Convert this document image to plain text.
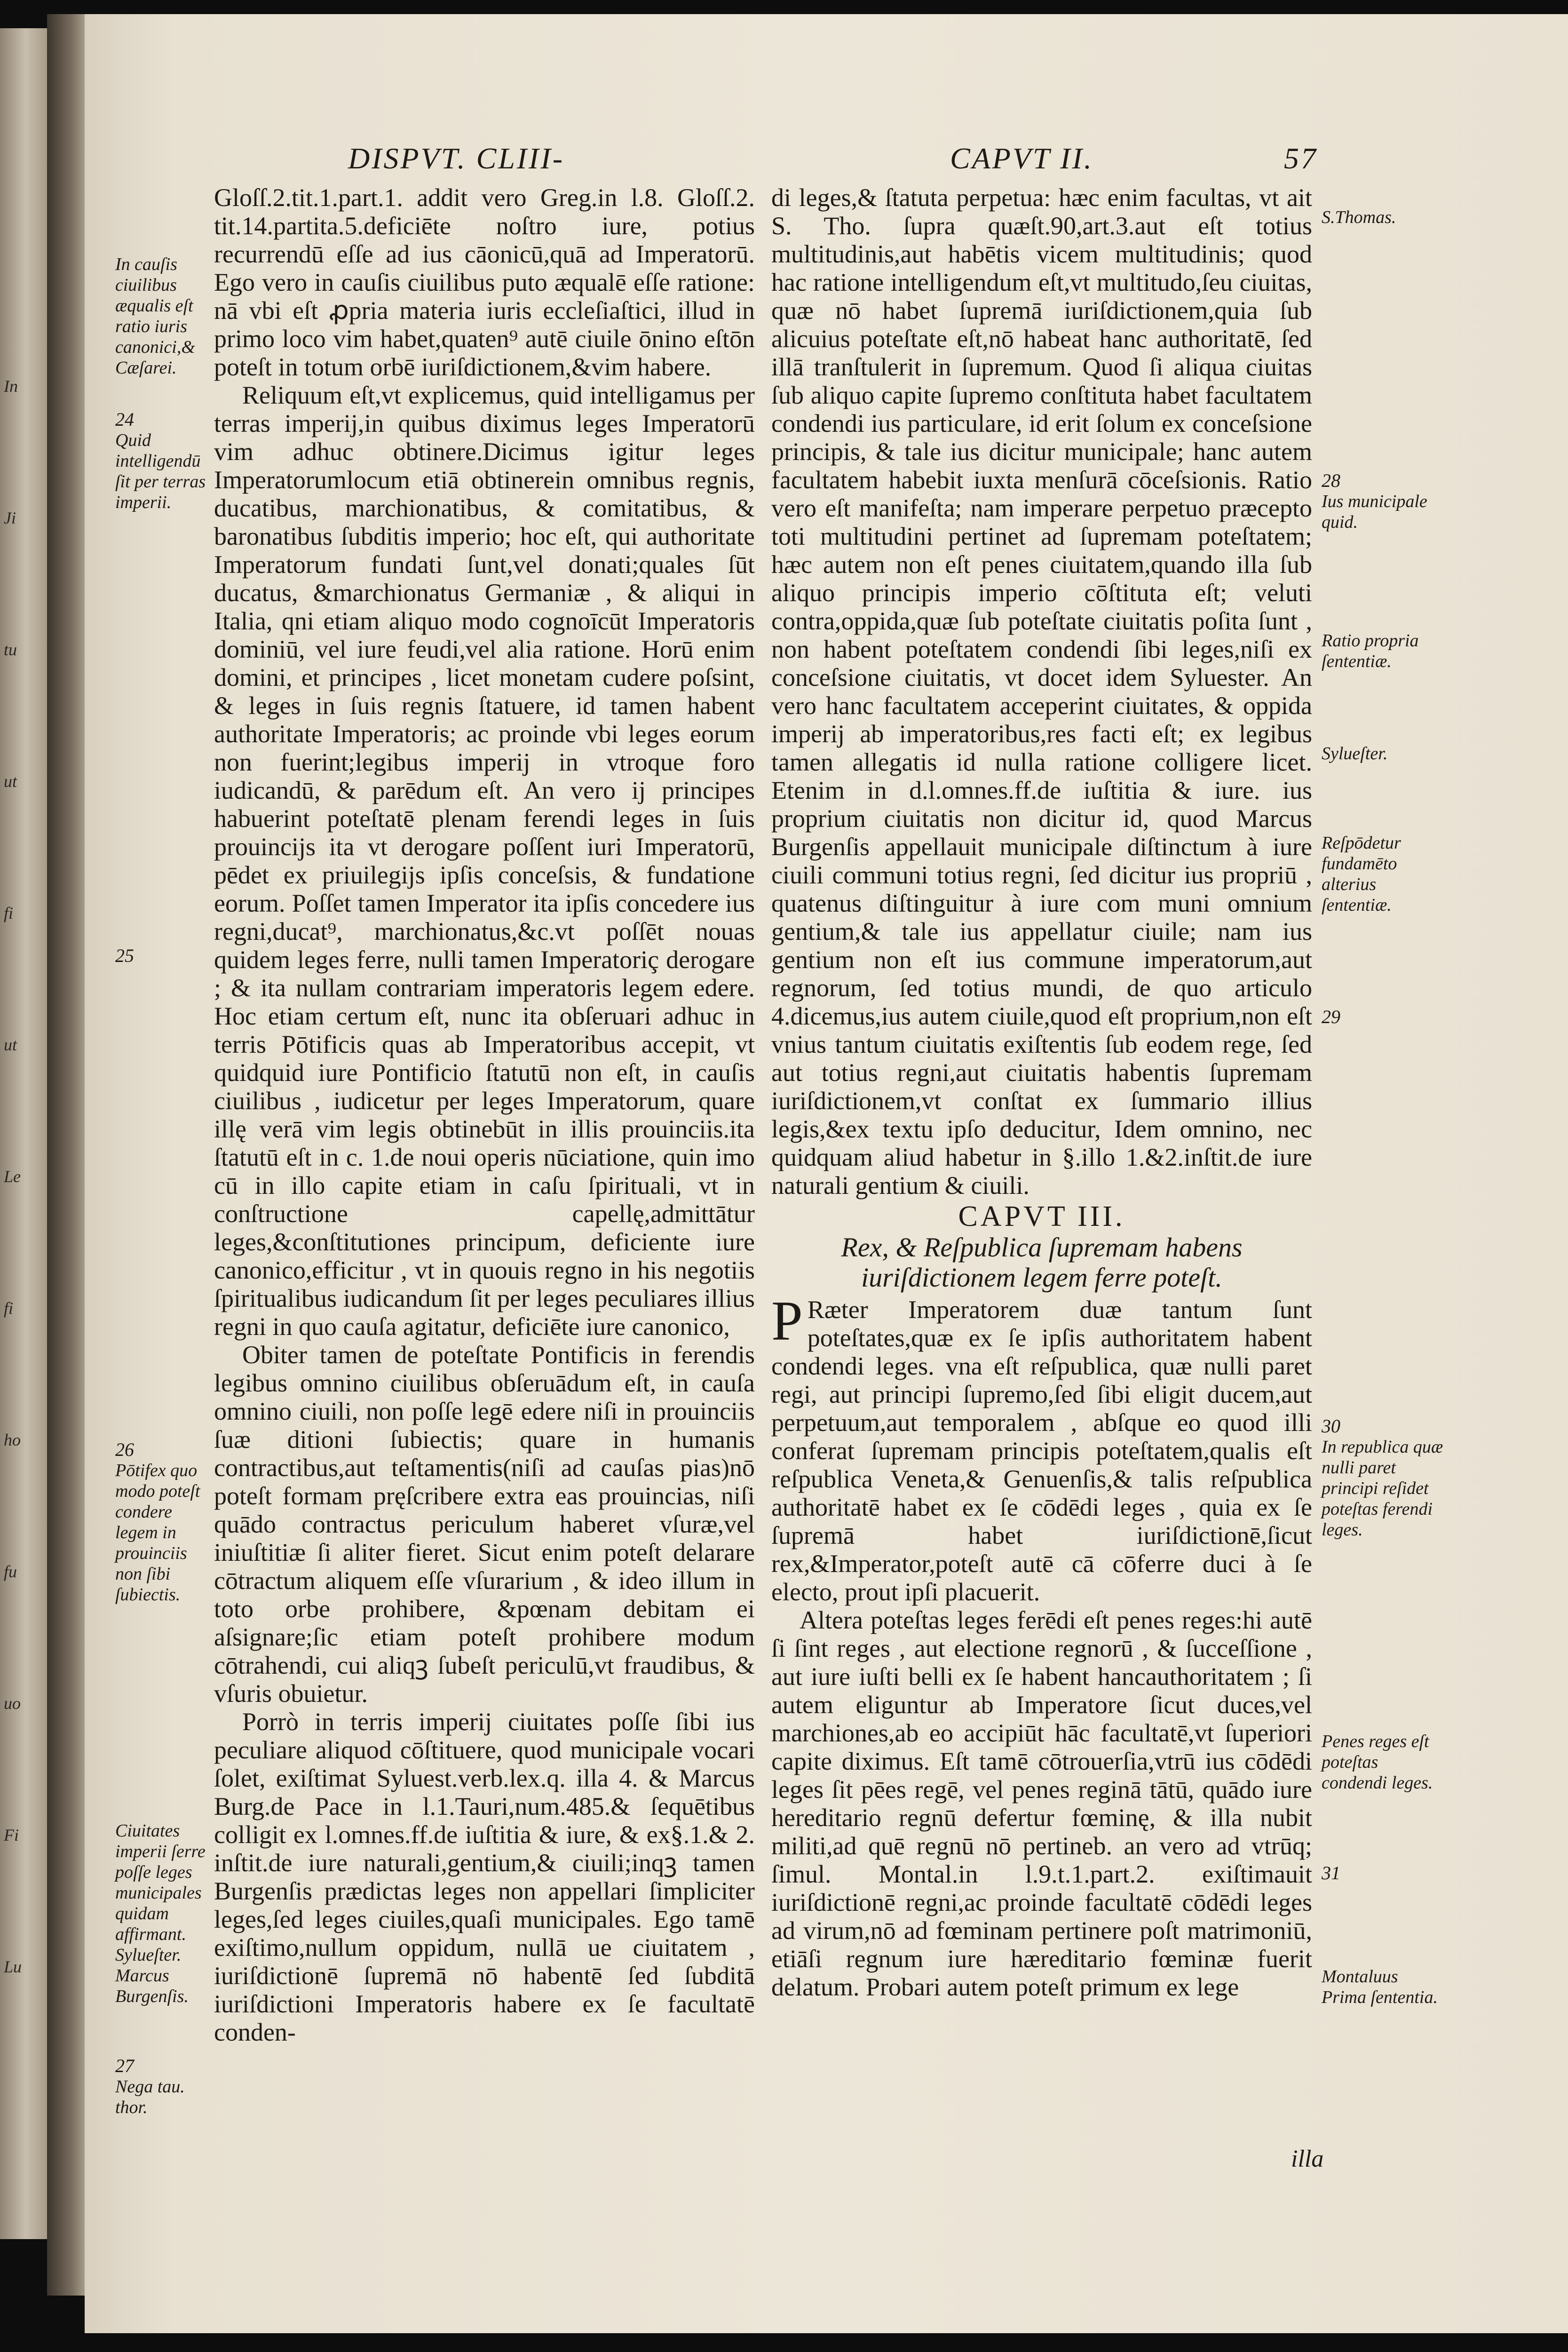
In
Ji
tu
ut
fi
ut
Le
fi
ho
fu
uo
Fi
Lu
DISPVT. CLIII-	CAPVT II.	57

Gloſſ.2.tit.1.part.1. addit vero Greg.in l.8. Gloſſ.2. tit.14.partita.5.deficiēte noſtro iure, potius recurrendū eſſe ad ius cāonicū,quā ad Imperatorū. Ego vero in cauſis ciuilibus puto æqualē eſſe ratione: nā vbi eſt ꝓpria materia iuris eccleſiaſtici, illud in primo loco vim habet,quaten⁹ autē ciuile ōnino eſtōn poteſt in totum orbē iuriſdictionem,&vim habere.

Reliquum eſt,vt explicemus, quid intelligamus per terras imperij,in quibus diximus leges Imperatorū vim adhuc obtinere.Dicimus igitur leges Imperatorumlocum etiā obtinerein omnibus regnis, ducatibus, marchionatibus, & comitatibus, & baronatibus ſubditis imperio; hoc eſt, qui authoritate Imperatorum fundati ſunt,vel donati;quales ſūt ducatus, &marchionatus Germaniæ , & aliqui in Italia, qni etiam aliquo modo cognoīcūt Imperatoris dominiū, vel iure feudi,vel alia ratione. Horū enim domini, et principes , licet monetam cudere poſsint, & leges in ſuis regnis ſtatuere, id tamen habent authoritate Imperatoris; ac proinde vbi leges eorum non fuerint;legibus imperij in vtroque foro iudicandū, & parēdum eſt. An vero ij principes habuerint poteſtatē plenam ferendi leges in ſuis prouincijs ita vt derogare poſſent iuri Imperatorū, pēdet ex priuilegijs ipſis conceſsis, & fundatione eorum. Poſſet tamen Imperator ita ipſis concedere ius regni,ducat⁹, marchionatus,&c.vt poſſēt nouas quidem leges ferre, nulli tamen Imperatoriç derogare ; & ita nullam contrariam imperatoris legem edere. Hoc etiam certum eſt, nunc ita obſeruari adhuc in terris Pōtificis quas ab Imperatoribus accepit, vt quidquid iure Pontificio ſtatutū non eſt, in cauſis ciuilibus , iudicetur per leges Imperatorum, quare illę verā vim legis obtinebūt in illis prouinciis.ita ſtatutū eſt in c. 1.de noui operis nūciatione, quin imo cū in illo capite etiam in caſu ſpirituali, vt in conſtructione capellę,admittātur leges,&conſtitutiones principum, deficiente iure canonico,efficitur , vt in quouis regno in his negotiis ſpiritualibus iudicandum ſit per leges peculiares illius regni in quo cauſa agitatur, deficiēte iure canonico,

Obiter tamen de poteſtate Pontificis in ferendis legibus omnino ciuilibus obſeruādum eſt, in cauſa omnino ciuili, non poſſe legē edere niſi in prouinciis ſuæ ditioni ſubiectis; quare in humanis contractibus,aut teſtamentis(niſi ad cauſas pias)nō poteſt formam pręſcribere extra eas prouincias, niſi quādo contractus periculum haberet vſuræ,vel iniuſtitiæ ſi aliter fieret. Sicut enim poteſt delarare cōtractum aliquem eſſe vſurarium , & ideo illum in toto orbe prohibere, &pœnam debitam ei aſsignare;ſic etiam poteſt prohibere modum cōtrahendi, cui aliqꝫ ſubeſt periculū,vt fraudibus, & vſuris obuietur.

Porrò in terris imperij ciuitates poſſe ſibi ius peculiare aliquod cōſtituere, quod municipale vocari ſolet, exiſtimat Syluest.verb.lex.q. illa 4. & Marcus Burg.de Pace in l.1.Tauri,num.485.& ſequētibus colligit ex l.omnes.ff.de iuſtitia & iure, & ex§.1.& 2. inſtit.de iure naturali,gentium,& ciuili;inqꝫ tamen Burgenſis prædictas leges non appellari ſimpliciter leges,ſed leges ciuiles,quaſi municipales. Ego tamē exiſtimo,nullum oppidum, nullā ue ciuitatem , iuriſdictionē ſupremā nō habentē ſed ſubditā iuriſdictioni Imperatoris habere ex ſe facultatē conden-

di leges,& ſtatuta perpetua: hæc enim facultas, vt ait S. Tho. ſupra quæſt.90,art.3.aut eſt totius multitudinis,aut habētis vicem multitudinis; quod hac ratione intelligendum eſt,vt multitudo,ſeu ciuitas, quæ nō habet ſupremā iuriſdictionem,quia ſub alicuius poteſtate eſt,nō habeat hanc authoritatē, ſed illā tranſtulerit in ſupremum. Quod ſi aliqua ciuitas ſub aliquo capite ſupremo conſtituta habet facultatem condendi ius particulare, id erit ſolum ex conceſsione principis, & tale ius dicitur municipale; hanc autem facultatem habebit iuxta menſurā cōceſsionis. Ratio vero eſt manifeſta; nam imperare perpetuo præcepto toti multitudini pertinet ad ſupremam poteſtatem; hæc autem non eſt penes ciuitatem,quando illa ſub aliquo principis imperio cōſtituta eſt; veluti contra,oppida,quæ ſub poteſtate ciuitatis poſita ſunt , non habent poteſtatem condendi ſibi leges,niſi ex conceſsione ciuitatis, vt docet idem Syluester. An vero hanc facultatem acceperint ciuitates, & oppida imperij ab imperatoribus,res facti eſt; ex legibus tamen allegatis id nulla ratione colligere licet. Etenim in d.l.omnes.ff.de iuſtitia & iure. ius proprium ciuitatis non dicitur id, quod Marcus Burgenſis appellauit municipale diſtinctum à iure ciuili communi totius regni, ſed dicitur ius propriū , quatenus diſtinguitur à iure com muni omnium gentium,& tale ius appellatur ciuile; nam ius gentium non eſt ius commune imperatorum,aut regnorum, ſed totius mundi, de quo articulo 4.dicemus,ius autem ciuile,quod eſt proprium,non eſt vnius tantum ciuitatis exiſtentis ſub eodem rege, ſed aut totius regni,aut ciuitatis habentis ſupremam iuriſdictionem,vt conſtat ex ſummario illius legis,&ex textu ipſo deducitur, Idem omnino, nec quidquam aliud habetur in §.illo 1.&2.inſtit.de iure naturali gentium & ciuili.

CAPVT III.
Rex, & Reſpublica ſupremam habens iuriſdictionem legem ferre poteſt.

P Ræter Imperatorem duæ tantum ſunt poteſtates,quæ ex ſe ipſis authoritatem habent condendi leges. vna eſt reſpublica, quæ nulli paret regi, aut principi ſupremo,ſed ſibi eligit ducem,aut perpetuum,aut temporalem , abſque eo quod illi conferat ſupremam principis poteſtatem,qualis eſt reſpublica Veneta,& Genuenſis,& talis reſpublica authoritatē habet ex ſe cōdēdi leges , quia ex ſe ſupremā habet iuriſdictionē,ſicut rex,&Imperator,poteſt autē cā cōferre duci à ſe electo, prout ipſi placuerit.

Altera poteſtas leges ferēdi eſt penes reges:hi autē ſi ſint reges , aut electione regnorū , & ſucceſſione , aut iure iuſti belli ex ſe habent hancauthoritatem ; ſi autem eliguntur ab Imperatore ſicut duces,vel marchiones,ab eo accipiūt hāc facultatē,vt ſuperiori capite diximus. Eſt tamē cōtrouerſia,vtrū ius cōdēdi leges ſit pēes regē, vel penes reginā tātū, quādo iure hereditario regnū defertur fœminę, & illa nubit militi,ad quē regnū nō pertineb. an vero ad vtrūq; ſimul. Montal.in l.9.t.1.part.2. exiſtimauit iuriſdictionē regni,ac proinde facultatē cōdēdi leges ad virum,nō ad fœminam pertinere poſt matrimoniū, etiāſi regnum iure hæreditario fœminæ fuerit delatum. Probari autem poteſt primum ex lege

illa
In cauſis ciuilibus æqualis eſt ratio iuris canonici,& Cæſarei.
24
Quid intelligendū ſit per terras imperii.
25
26
Pōtifex quo modo poteſt condere legem in prouinciis non ſibi ſubiectis.
Ciuitates imperii ſerre poſſe leges municipales quidam affirmant. Sylueſter. Marcus Burgenſis.
27
Nega tau. thor.
S.Thomas.
28
Ius municipale quid.
Ratio propria ſententiæ.
Sylueſter.
Reſpōdetur fundamēto alterius ſententiæ.
29
30
In republica quæ nulli paret principi reſidet poteſtas ferendi leges.
Penes reges eſt poteſtas condendi leges.
31
Montaluus Prima ſententia.
